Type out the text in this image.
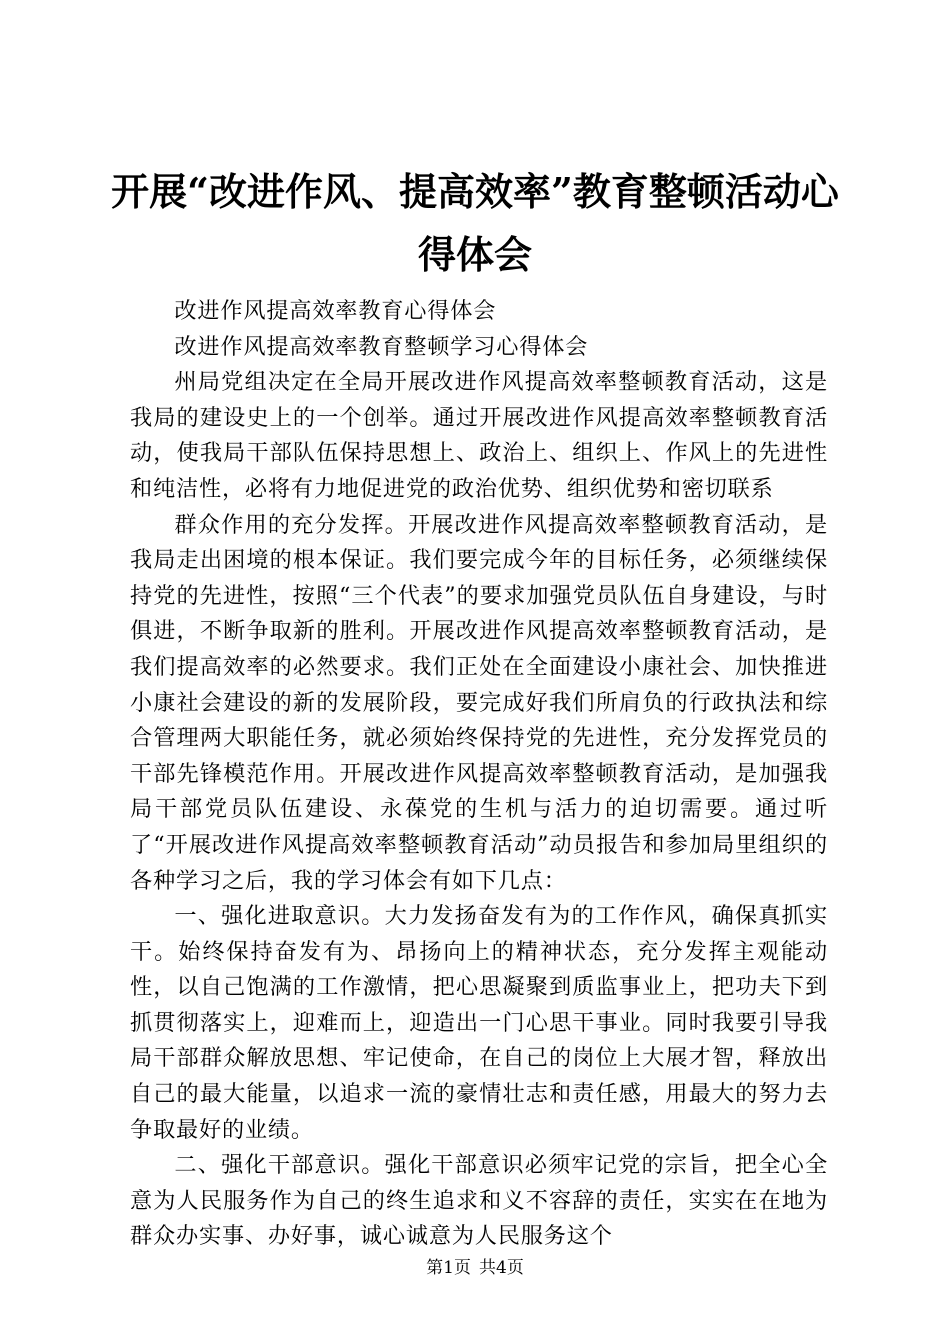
开展“改进作风、提高效率”教育整顿活动心得体会

改进作风提高效率教育心得体会

改进作风提高效率教育整顿学习心得体会

州局党组决定在全局开展改进作风提高效率整顿教育活动，这是我局的建设史上的一个创举。通过开展改进作风提高效率整顿教育活动，使我局干部队伍保持思想上、政治上、组织上、作风上的先进性和纯洁性，必将有力地促进党的政治优势、组织优势和密切联系

群众作用的充分发挥。开展改进作风提高效率整顿教育活动，是我局走出困境的根本保证。我们要完成今年的目标任务，必须继续保持党的先进性，按照“三个代表”的要求加强党员队伍自身建设，与时俱进，不断争取新的胜利。开展改进作风提高效率整顿教育活动，是我们提高效率的必然要求。我们正处在全面建设小康社会、加快推进小康社会建设的新的发展阶段，要完成好我们所肩负的行政执法和综合管理两大职能任务，就必须始终保持党的先进性，充分发挥党员的干部先锋模范作用。开展改进作风提高效率整顿教育活动，是加强我局干部党员队伍建设、永葆党的生机与活力的迫切需要。通过听了“开展改进作风提高效率整顿教育活动”动员报告和参加局里组织的各种学习之后，我的学习体会有如下几点：

一、强化进取意识。大力发扬奋发有为的工作作风，确保真抓实干。始终保持奋发有为、昂扬向上的精神状态，充分发挥主观能动性，以自己饱满的工作激情，把心思凝聚到质监事业上，把功夫下到抓贯彻落实上，迎难而上，迎造出一门心思干事业。同时我要引导我局干部群众解放思想、牢记使命，在自己的岗位上大展才智，释放出自己的最大能量，以追求一流的豪情壮志和责任感，用最大的努力去争取最好的业绩。

二、强化干部意识。强化干部意识必须牢记党的宗旨，把全心全意为人民服务作为自己的终生追求和义不容辞的责任，实实在在地为群众办实事、办好事，诚心诚意为人民服务这个

第1页 共4页
